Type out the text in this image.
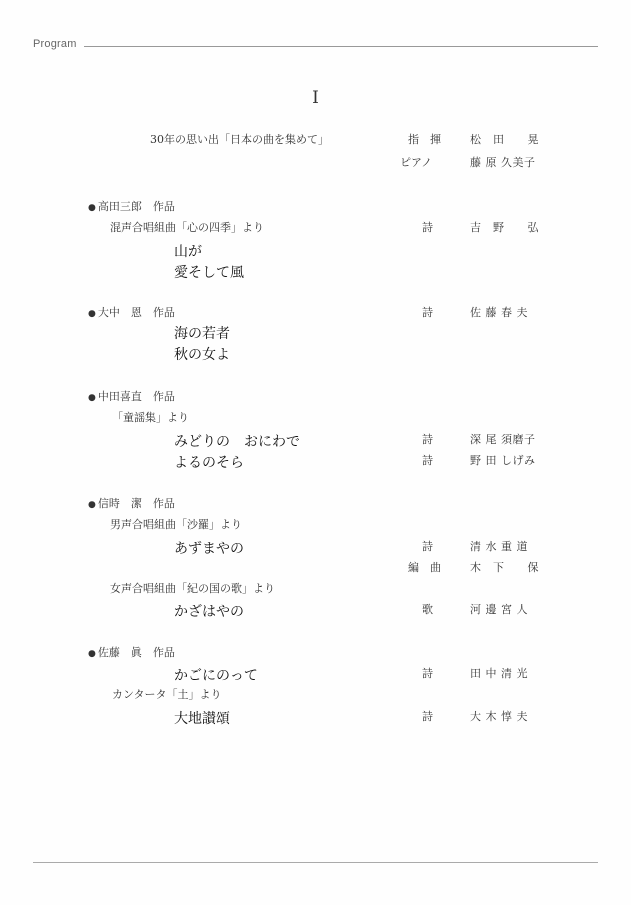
Program
I
30年の思い出「日本の曲を集めて」	指　揮	松　田　　晃
ピアノ	藤 原 久美子
● 高田三郎　作品
混声合唱組曲「心の四季」より	詩	吉　野　　弘
山が
愛そして風
● 大中　恩　作品	詩	佐 藤 春 夫
海の若者
秋の女よ
● 中田喜直　作品
「童謡集」より
みどりの　おにわで	詩	深 尾 須磨子
よるのそら	詩	野 田 しげみ
● 信時　潔　作品
男声合唱組曲「沙羅」より
あずまやの	詩	清 水 重 道
編　曲	木　下　　保
女声合唱組曲「紀の国の歌」より
かざはやの	歌	河 邊 宮 人
● 佐藤　眞　作品
かごにのって	詩	田 中 清 光
カンタータ「土」より
大地讃頌	詩	大 木 惇 夫
